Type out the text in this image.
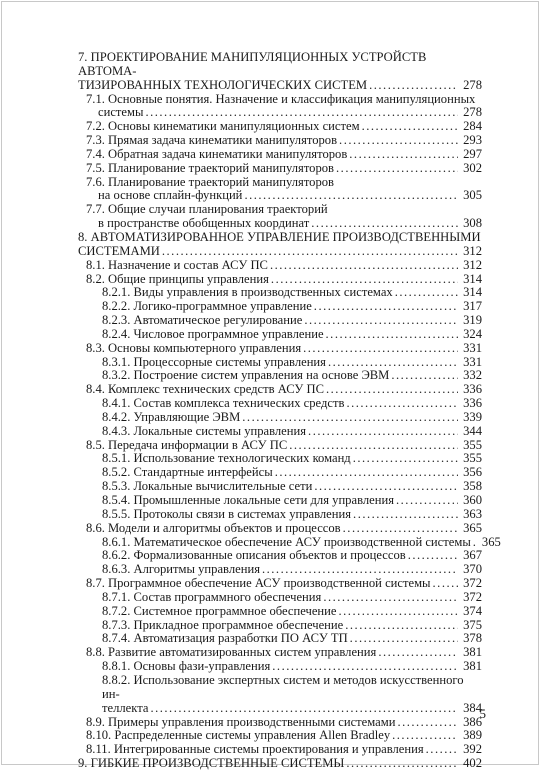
7. ПРОЕКТИРОВАНИЕ МАНИПУЛЯЦИОННЫХ УСТРОЙСТВ АВТОМА-
ТИЗИРОВАННЫХ ТЕХНОЛОГИЧЕСКИХ СИСТЕМ .....	278
7.1. Основные понятия. Назначение и классификация манипуляционных
системы .....	278
7.2. Основы кинематики манипуляционных систем .....	284
7.3. Прямая задача кинематики манипуляторов .....	293
7.4. Обратная задача кинематики манипуляторов .....	297
7.5. Планирование траекторий манипуляторов .....	302
7.6. Планирование траекторий манипуляторов
на основе сплайн-функций .....	305
7.7. Общие случаи планирования траекторий
в пространстве обобщенных координат .....	308
8. АВТОМАТИЗИРОВАННОЕ УПРАВЛЕНИЕ ПРОИЗВОДСТВЕННЫМИ
СИСТЕМАМИ .....	312
8.1. Назначение и состав АСУ ПС .....	312
8.2. Общие принципы управления .....	314
8.2.1. Виды управления в производственных системах .....	314
8.2.2. Логико-программное управление .....	317
8.2.3. Автоматическое регулирование .....	319
8.2.4. Числовое программное управление .....	324
8.3. Основы компьютерного управления .....	331
8.3.1. Процессорные системы управления .....	331
8.3.2. Построение систем управления на основе ЭВМ .....	332
8.4. Комплекс технических средств АСУ ПС .....	336
8.4.1. Состав комплекса технических средств .....	336
8.4.2. Управляющие ЭВМ .....	339
8.4.3. Локальные системы управления .....	344
8.5. Передача информации в АСУ ПС .....	355
8.5.1. Использование технологических команд .....	355
8.5.2. Стандартные интерфейсы .....	356
8.5.3. Локальные вычислительные сети .....	358
8.5.4. Промышленные локальные сети для управления .....	360
8.5.5. Протоколы связи в системах управления .....	363
8.6. Модели и алгоритмы объектов и процессов .....	365
8.6.1. Математическое обеспечение АСУ производственной системы ..... 365
8.6.2. Формализованные описания объектов и процессов .....	367
8.6.3. Алгоритмы управления .....	370
8.7. Программное обеспечение АСУ производственной системы .....	372
8.7.1. Состав программного обеспечения .....	372
8.7.2. Системное программное обеспечение .....	374
8.7.3. Прикладное программное обеспечение .....	375
8.7.4. Автоматизация разработки ПО АСУ ТП .....	378
8.8. Развитие автоматизированных систем управления .....	381
8.8.1. Основы фази-управления .....	381
8.8.2. Использование экспертных систем и методов искусственного ин-
теллекта .....	384
8.9. Примеры управления производственными системами .....	386
8.10. Распределенные системы управления Allen Bradley .....	389
8.11. Интегрированные системы проектирования и управления .....	392
9. ГИБКИЕ ПРОИЗВОДСТВЕННЫЕ СИСТЕМЫ .....	402
5
